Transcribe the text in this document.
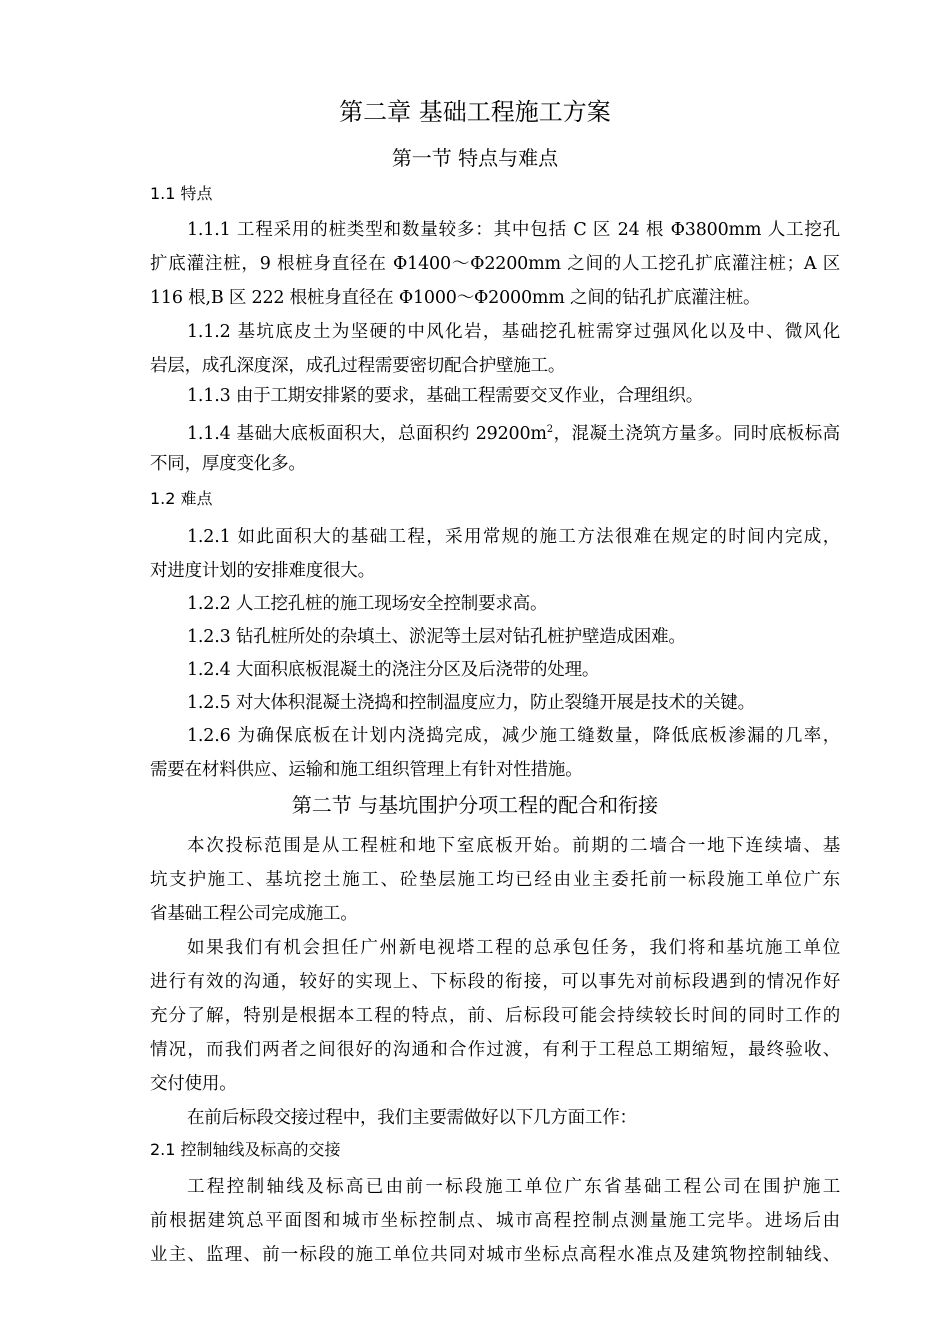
第二章 基础工程施工方案
第一节 特点与难点
1.1 特点
1.1.1 工程采用的桩类型和数量较多：其中包括 C 区 24 根 Φ3800mm 人工挖孔
扩底灌注桩，9 根桩身直径在 Φ1400～Φ2200mm 之间的人工挖孔扩底灌注桩；A 区
116 根,B 区 222 根桩身直径在 Φ1000～Φ2000mm 之间的钻孔扩底灌注桩。
1.1.2 基坑底皮土为坚硬的中风化岩，基础挖孔桩需穿过强风化以及中、微风化
岩层，成孔深度深，成孔过程需要密切配合护壁施工。
1.1.3 由于工期安排紧的要求，基础工程需要交叉作业，合理组织。
1.1.4 基础大底板面积大，总面积约 $29200m^2$，混凝土浇筑方量多。同时底板标高
不同，厚度变化多。
1.2 难点
1.2.1 如此面积大的基础工程，采用常规的施工方法很难在规定的时间内完成，
对进度计划的安排难度很大。
1.2.2 人工挖孔桩的施工现场安全控制要求高。
1.2.3 钻孔桩所处的杂填土、淤泥等土层对钻孔桩护壁造成困难。
1.2.4 大面积底板混凝土的浇注分区及后浇带的处理。
1.2.5 对大体积混凝土浇捣和控制温度应力，防止裂缝开展是技术的关键。
1.2.6 为确保底板在计划内浇捣完成，减少施工缝数量，降低底板渗漏的几率，
需要在材料供应、运输和施工组织管理上有针对性措施。
第二节 与基坑围护分项工程的配合和衔接
本次投标范围是从工程桩和地下室底板开始。前期的二墙合一地下连续墙、基
坑支护施工、基坑挖土施工、砼垫层施工均已经由业主委托前一标段施工单位广东
省基础工程公司完成施工。
如果我们有机会担任广州新电视塔工程的总承包任务，我们将和基坑施工单位
进行有效的沟通，较好的实现上、下标段的衔接，可以事先对前标段遇到的情况作好
充分了解，特别是根据本工程的特点，前、后标段可能会持续较长时间的同时工作的
情况，而我们两者之间很好的沟通和合作过渡，有利于工程总工期缩短，最终验收、
交付使用。
在前后标段交接过程中，我们主要需做好以下几方面工作：
2.1 控制轴线及标高的交接
工程控制轴线及标高已由前一标段施工单位广东省基础工程公司在围护施工
前根据建筑总平面图和城市坐标控制点、城市高程控制点测量施工完毕。进场后由
业主、监理、前一标段的施工单位共同对城市坐标点高程水准点及建筑物控制轴线、
